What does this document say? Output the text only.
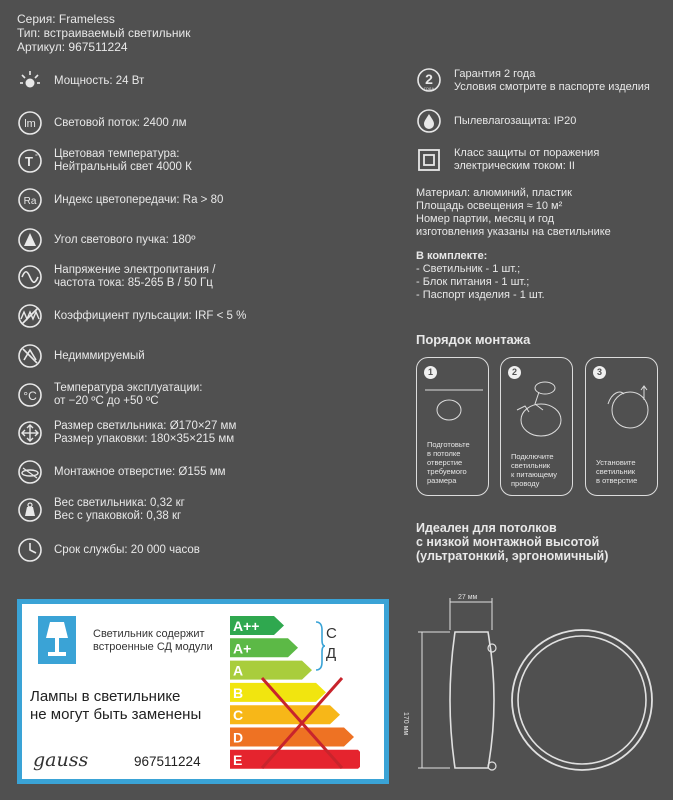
Серия: Frameless
Тип: встраиваемый светильник
Артикул: 967511224
Мощность: 24 Вт
lm Световой поток: 2400 лм
T ° Цветовая температура:
Нейтральный свет 4000 К
Ra Индекс цветопередачи: Ra > 80
Угол светового пучка: 180º
Напряжение электропитания /
частота тока: 85-265 В / 50 Гц
Коэффициент пульсации: IRF < 5 %
Недиммируемый
°C
Температура эксплуатации:
от −20 ºС до +50 ºС
Размер светильника: Ø170×27 мм
Размер упаковки: 180×35×215 мм
Монтажное отверстие: Ø155 мм
Вес светильника: 0,32 кг
Вес с упаковкой: 0,38 кг
Срок службы: 20 000 часов
2
ГОДА
Гарантия 2 года
Условия смотрите в паспорте изделия
Пылевлагозащита: IP20
Класс защиты от поражения
электрическим током: II
Материал: алюминий, пластик
Площадь освещения ≈ 10 м²
Номер партии, месяц и год
изготовления указаны на светильнике
В комплекте:
- Светильник - 1 шт.;
- Блок питания - 1 шт.;
- Паспорт изделия - 1 шт.
Порядок монтажа
1
Подготовьте
в потолке
отверстие
требуемого
размера
2
Подключите
светильник
к питающему
проводу
3
Установите
светильник
в отверстие
Идеален для потолков
с низкой монтажной высотой
(ультратонкий, эргономичный)
27 мм
170 мм
Светильник содержит
встроенные СД модули
Лампы в светильнике
не могут быть заменены
gauss	967511224
A++
A+
A
B
C
D
E
С
Д
